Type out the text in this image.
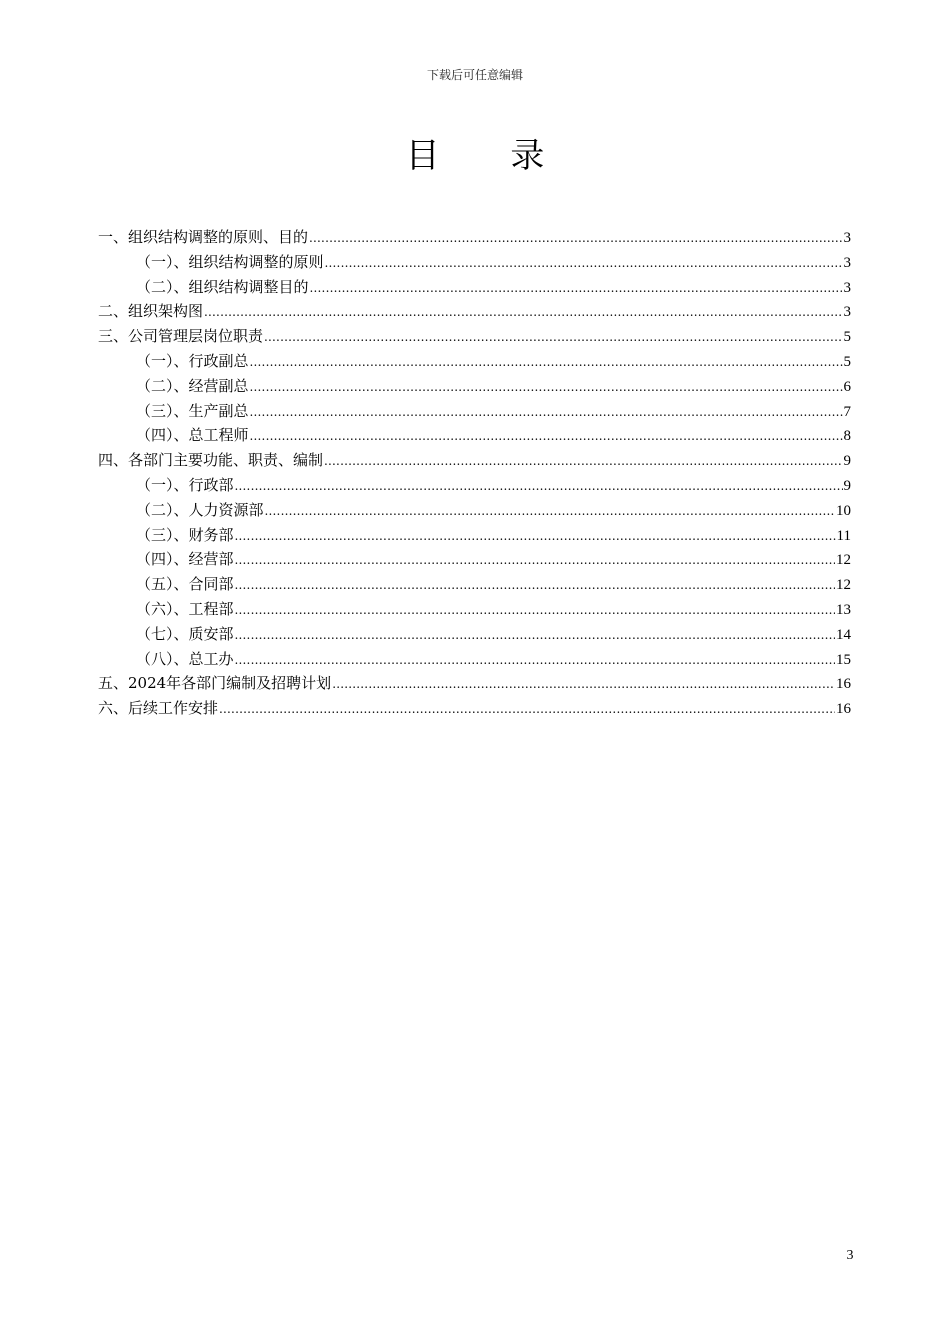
下载后可任意编辑
目 录
一、组织结构调整的原则、目的 .....	3
（一）、组织结构调整的原则 .....	3
（二）、组织结构调整目的 .....	3
二、组织架构图 .....	3
三、公司管理层岗位职责 .....	5
（一）、行政副总 .....	5
（二）、经营副总 .....	6
（三）、生产副总 .....	7
（四）、总工程师 .....	8
四、各部门主要功能、职责、编制 .....	9
（一）、行政部 .....	9
（二）、人力资源部 .....	10
（三）、财务部 .....	11
（四）、经营部 .....	12
（五）、合同部 .....	12
（六）、工程部 .....	13
（七）、质安部 .....	14
（八）、总工办 .....	15
五、2024年各部门编制及招聘计划 .....	16
六、后续工作安排 .....	16
3
